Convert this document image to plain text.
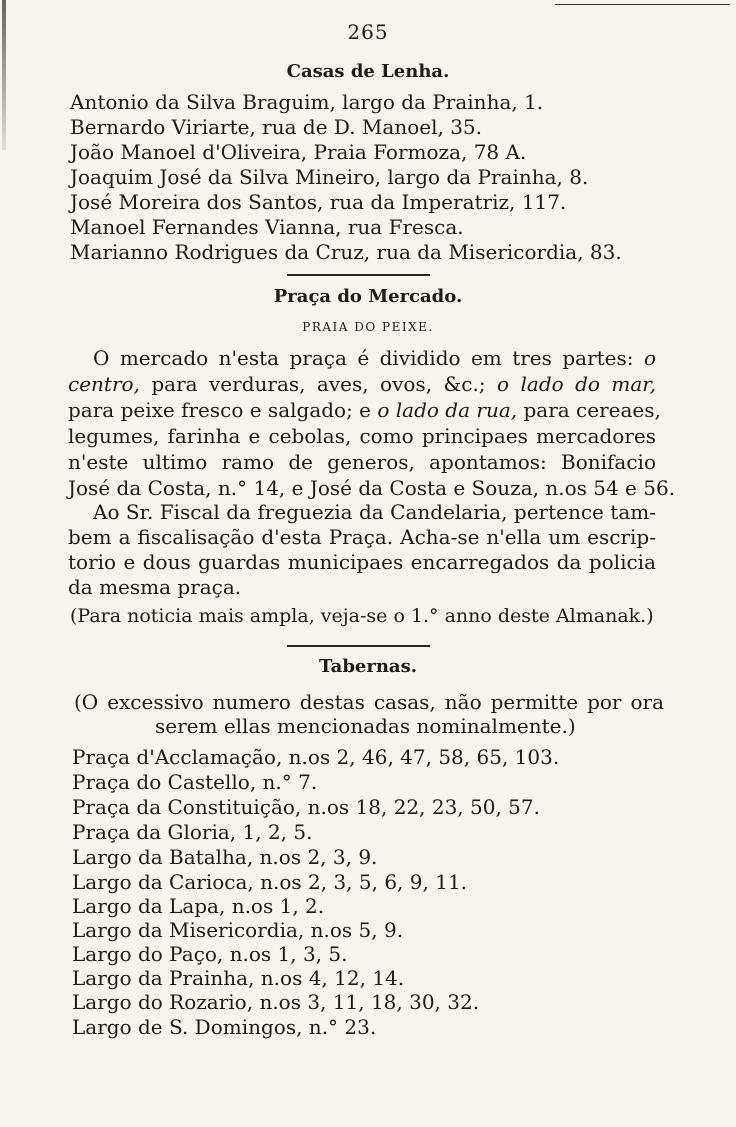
265
Casas de Lenha.
Antonio da Silva Braguim, largo da Prainha, 1.
Bernardo Viriarte, rua de D. Manoel, 35.
João Manoel d'Oliveira, Praia Formoza, 78 A.
Joaquim José da Silva Mineiro, largo da Prainha, 8.
José Moreira dos Santos, rua da Imperatriz, 117.
Manoel Fernandes Vianna, rua Fresca.
Marianno Rodrigues da Cruz, rua da Misericordia, 83.
Praça do Mercado.
PRAIA DO PEIXE.
O mercado n'esta praça é dividido em tres partes: o
centro, para verduras, aves, ovos, &c.; o lado do mar,
para peixe fresco e salgado; e o lado da rua, para cereaes,
legumes, farinha e cebolas, como principaes mercadores
n'este ultimo ramo de generos, apontamos: Bonifacio
José da Costa, n.° 14, e José da Costa e Souza, n.os 54 e 56.
Ao Sr. Fiscal da freguezia da Candelaria, pertence tam-
bem a fiscalisação d'esta Praça. Acha-se n'ella um escrip-
torio e dous guardas municipaes encarregados da policia
da mesma praça.
(Para noticia mais ampla, veja-se o 1.° anno deste Almanak.)
Tabernas.
(O excessivo numero destas casas, não permitte por ora
serem ellas mencionadas nominalmente.)
Praça d'Acclamação, n.os 2, 46, 47, 58, 65, 103.
Praça do Castello, n.° 7.
Praça da Constituição, n.os 18, 22, 23, 50, 57.
Praça da Gloria, 1, 2, 5.
Largo da Batalha, n.os 2, 3, 9.
Largo da Carioca, n.os 2, 3, 5, 6, 9, 11.
Largo da Lapa, n.os 1, 2.
Largo da Misericordia, n.os 5, 9.
Largo do Paço, n.os 1, 3, 5.
Largo da Prainha, n.os 4, 12, 14.
Largo do Rozario, n.os 3, 11, 18, 30, 32.
Largo de S. Domingos, n.° 23.
